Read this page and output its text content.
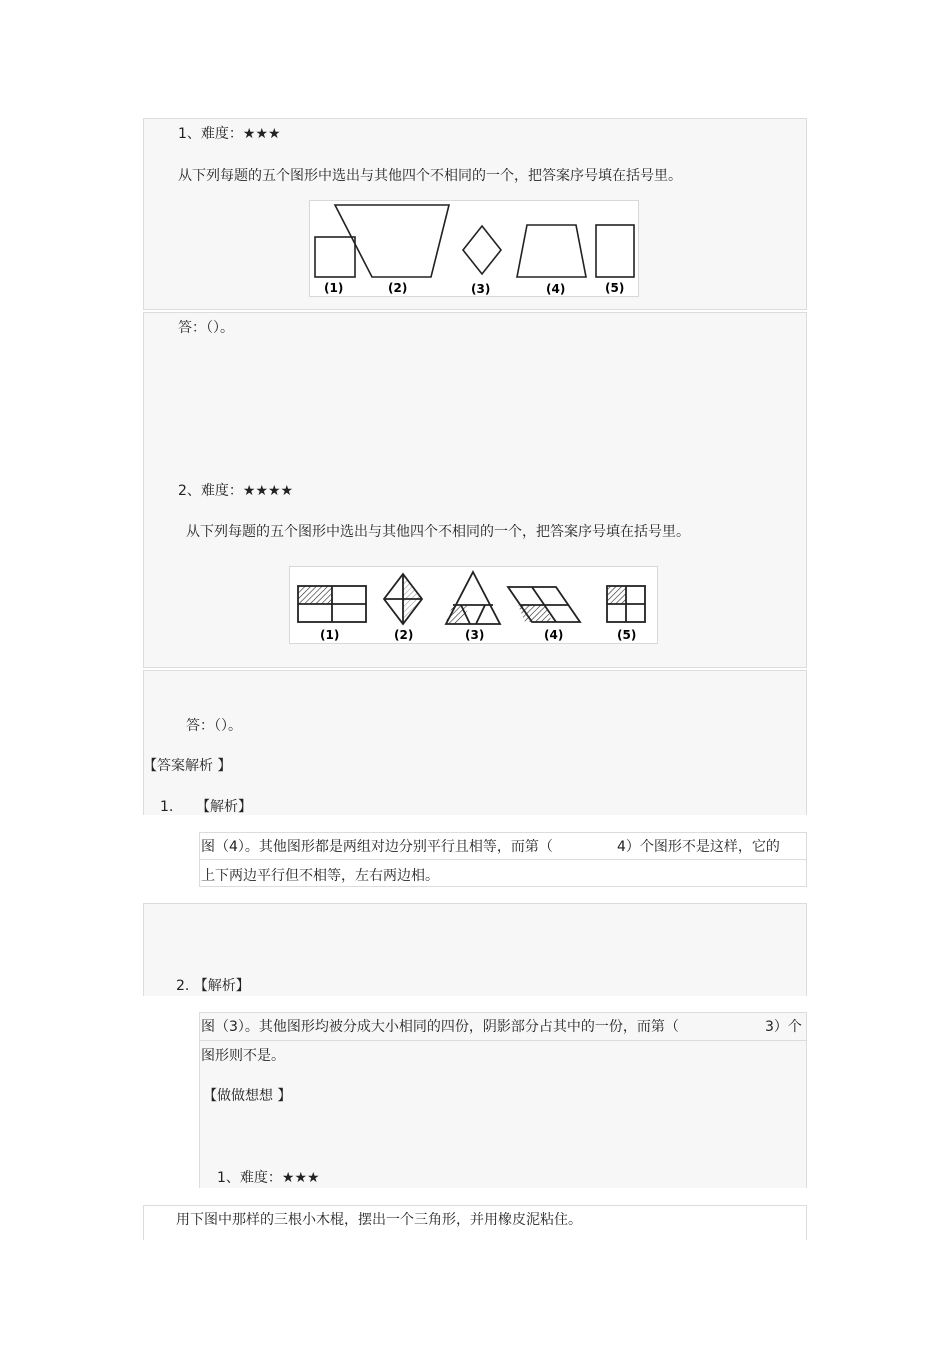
1、难度：★★★
从下列每题的五个图形中选出与其他四个不相同的一个，把答案序号填在括号里。
(1)	(2)	(3)	(4)	(5)
答：（）。
2、难度：★★★★
从下列每题的五个图形中选出与其他四个不相同的一个，把答案序号填在括号里。
(1)	(2)	(3)	(4)	(5)
答：（）。
【答案解析 】
1. 【解析】
图（4）。其他图形都是两组对边分别平行且相等，而第（	4）个图形不是这样，它的
上下两边平行但不相等，左右两边相。
2. 【解析】
图（3）。其他图形均被分成大小相同的四份，阴影部分占其中的一份，而第（	3）个
图形则不是。
【做做想想 】
1、难度：★★★
用下图中那样的三根小木棍，摆出一个三角形，并用橡皮泥粘住。
